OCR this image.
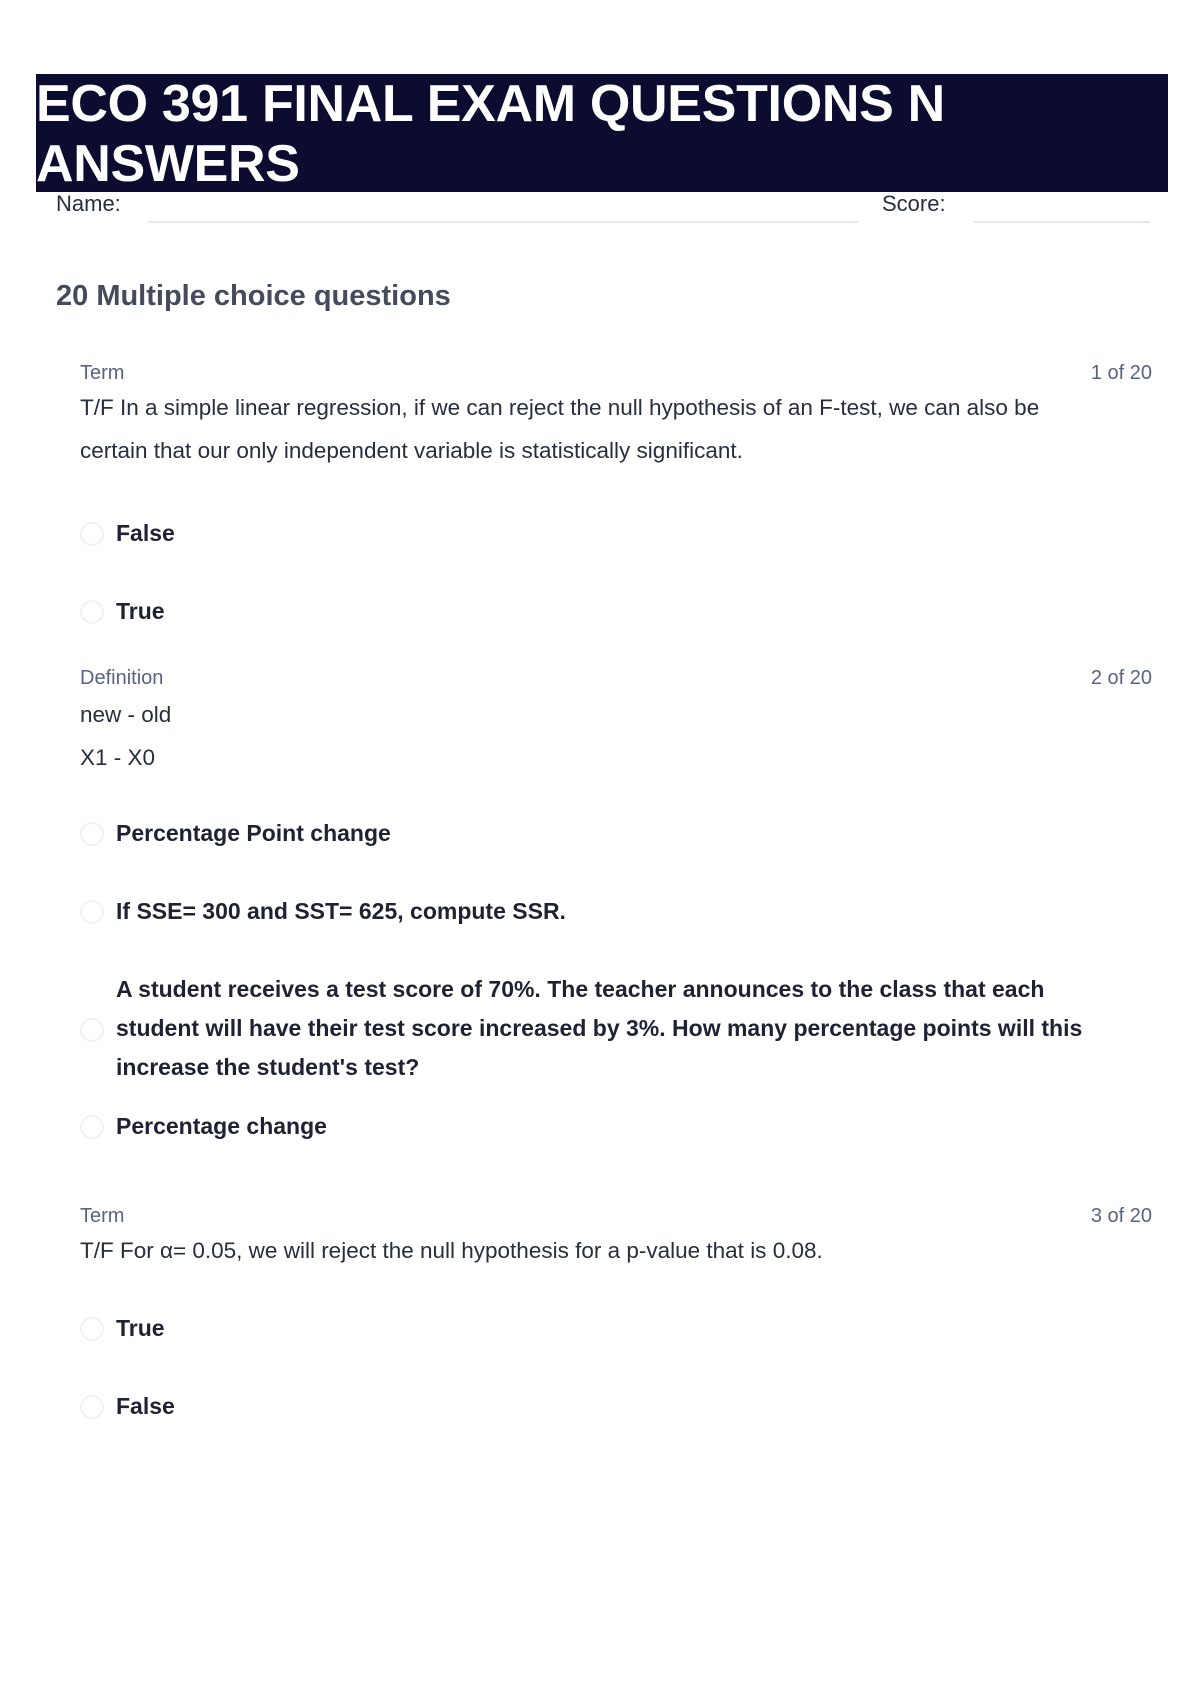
ECO 391 FINAL EXAM QUESTIONS N ANSWERS
Name:	Score:
20 Multiple choice questions
Term	1 of 20
T/F In a simple linear regression, if we can reject the null hypothesis of an F-test, we can also be
certain that our only independent variable is statistically significant.
False
True
Definition	2 of 20
new - old
X1 - X0
Percentage Point change
If SSE= 300 and SST= 625, compute SSR.
A student receives a test score of 70%. The teacher announces to the class that each student will have their test score increased by 3%. How many percentage points will this increase the student's test?
Percentage change
Term	3 of 20
T/F For α= 0.05, we will reject the null hypothesis for a p-value that is 0.08.
True
False
